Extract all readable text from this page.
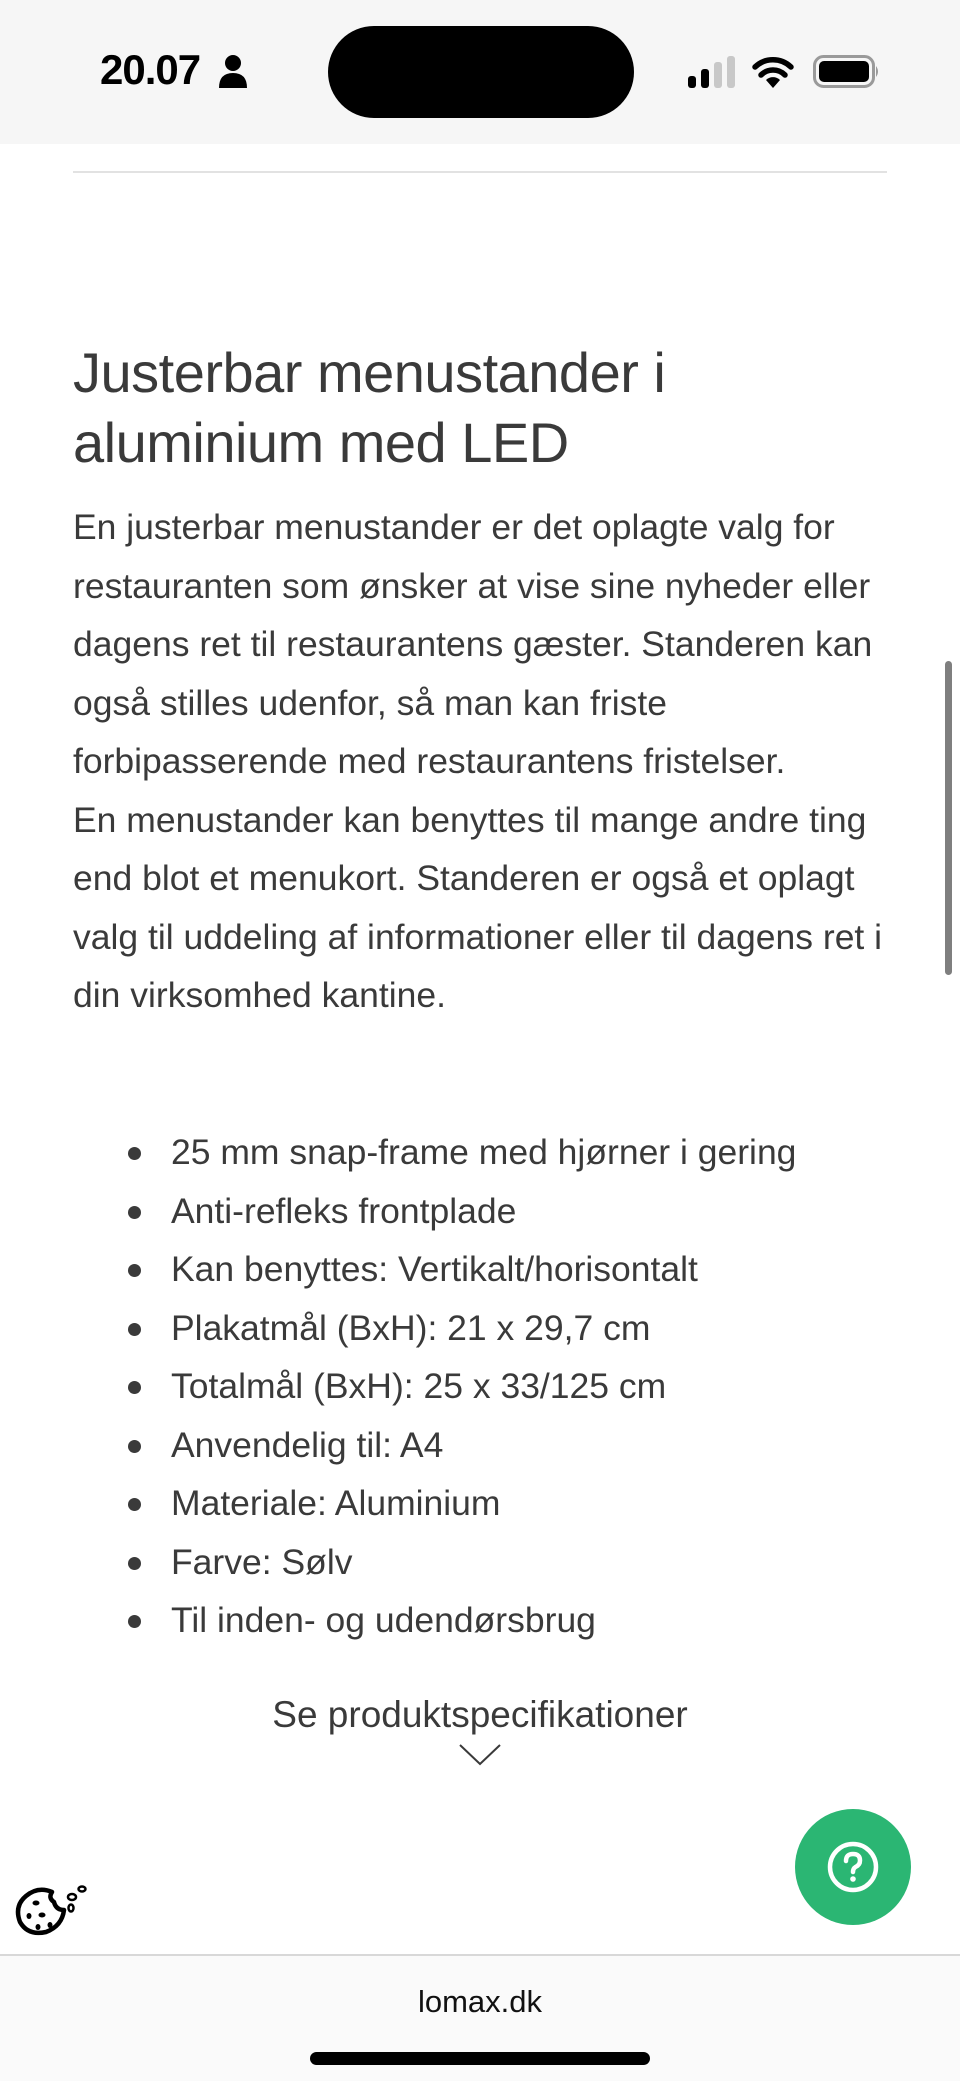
20.07
Justerbar menustander i aluminium med LED

En justerbar menustander er det oplagte valg for restauranten som ønsker at vise sine nyheder eller dagens ret til restaurantens gæster. Standeren kan også stilles udenfor, så man kan friste forbipasserende med restaurantens fristelser.

En menustander kan benyttes til mange andre ting end blot et menukort. Standeren er også et oplagt valg til uddeling af informationer eller til dagens ret i din virksomhed kantine.

25 mm snap-frame med hjørner i gering
Anti-refleks frontplade
Kan benyttes: Vertikalt/horisontalt
Plakatmål (BxH): 21 x 29,7 cm
Totalmål (BxH): 25 x 33/125 cm
Anvendelig til: A4
Materiale: Aluminium
Farve: Sølv
Til inden- og udendørsbrug
Se produktspecifikationer
lomax.dk
